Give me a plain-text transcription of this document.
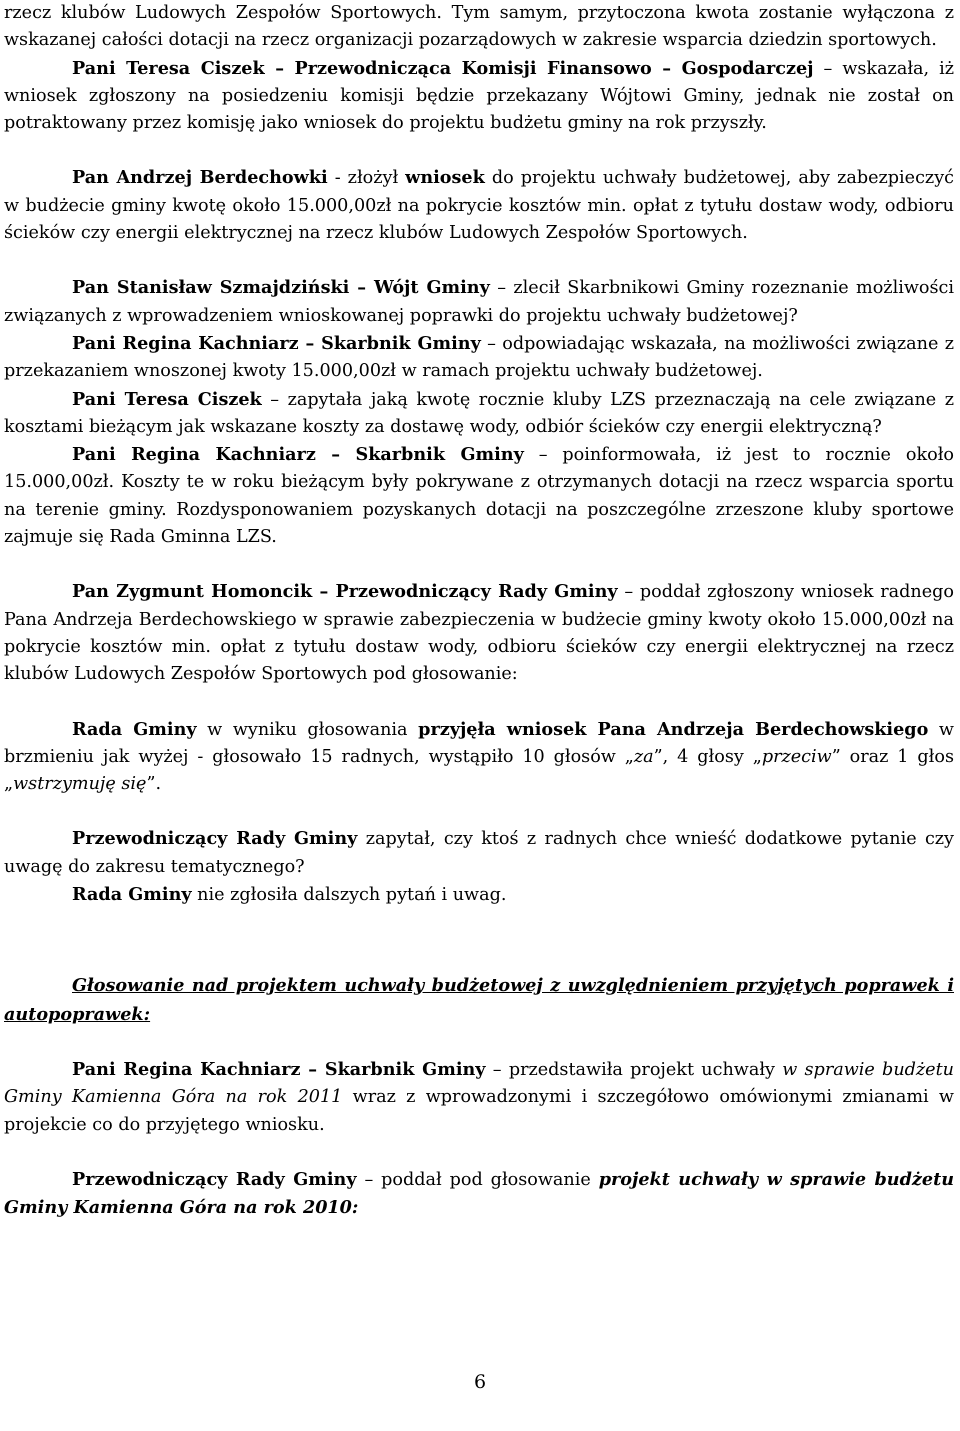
rzecz klubów Ludowych Zespołów Sportowych. Tym samym, przytoczona kwota zostanie wyłączona z wskazanej całości dotacji na rzecz organizacji pozarządowych w zakresie wsparcia dziedzin sportowych.

Pani Teresa Ciszek – Przewodnicząca Komisji Finansowo – Gospodarczej – wskazała, iż wniosek zgłoszony na posiedzeniu komisji będzie przekazany Wójtowi Gminy, jednak nie został on potraktowany przez komisję jako wniosek do projektu budżetu gminy na rok przyszły.

Pan Andrzej Berdechowki - złożył wniosek do projektu uchwały budżetowej, aby zabezpieczyć w budżecie gminy kwotę około 15.000,00zł na pokrycie kosztów min. opłat z tytułu dostaw wody, odbioru ścieków czy energii elektrycznej na rzecz klubów Ludowych Zespołów Sportowych.

Pan Stanisław Szmajdziński – Wójt Gminy – zlecił Skarbnikowi Gminy rozeznanie możliwości związanych z wprowadzeniem wnioskowanej poprawki do projektu uchwały budżetowej?

Pani Regina Kachniarz – Skarbnik Gminy – odpowiadając wskazała, na możliwości związane z przekazaniem wnoszonej kwoty 15.000,00zł w ramach projektu uchwały budżetowej.

Pani Teresa Ciszek – zapytała jaką kwotę rocznie kluby LZS przeznaczają na cele związane z kosztami bieżącym jak wskazane koszty za dostawę wody, odbiór ścieków czy energii elektryczną?

Pani Regina Kachniarz – Skarbnik Gminy – poinformowała, iż jest to rocznie około 15.000,00zł. Koszty te w roku bieżącym były pokrywane z otrzymanych dotacji na rzecz wsparcia sportu na terenie gminy. Rozdysponowaniem pozyskanych dotacji na poszczególne zrzeszone kluby sportowe zajmuje się Rada Gminna LZS.

Pan Zygmunt Homoncik – Przewodniczący Rady Gminy – poddał zgłoszony wniosek radnego Pana Andrzeja Berdechowskiego w sprawie zabezpieczenia w budżecie gminy kwoty około 15.000,00zł na pokrycie kosztów min. opłat z tytułu dostaw wody, odbioru ścieków czy energii elektrycznej na rzecz klubów Ludowych Zespołów Sportowych pod głosowanie:

Rada Gminy w wyniku głosowania przyjęła wniosek Pana Andrzeja Berdechowskiego w brzmieniu jak wyżej - głosowało 15 radnych, wystąpiło 10 głosów „za”, 4 głosy „przeciw” oraz 1 głos „wstrzymuję się”.

Przewodniczący Rady Gminy zapytał, czy ktoś z radnych chce wnieść dodatkowe pytanie czy uwagę do zakresu tematycznego?

Rada Gminy nie zgłosiła dalszych pytań i uwag.

Głosowanie nad projektem uchwały budżetowej z uwzględnieniem przyjętych poprawek i autopoprawek:

Pani Regina Kachniarz – Skarbnik Gminy – przedstawiła projekt uchwały w sprawie budżetu Gminy Kamienna Góra na rok 2011 wraz z wprowadzonymi i szczegółowo omówionymi zmianami w projekcie co do przyjętego wniosku.

Przewodniczący Rady Gminy – poddał pod głosowanie projekt uchwały w sprawie budżetu Gminy Kamienna Góra na rok 2010:

6
